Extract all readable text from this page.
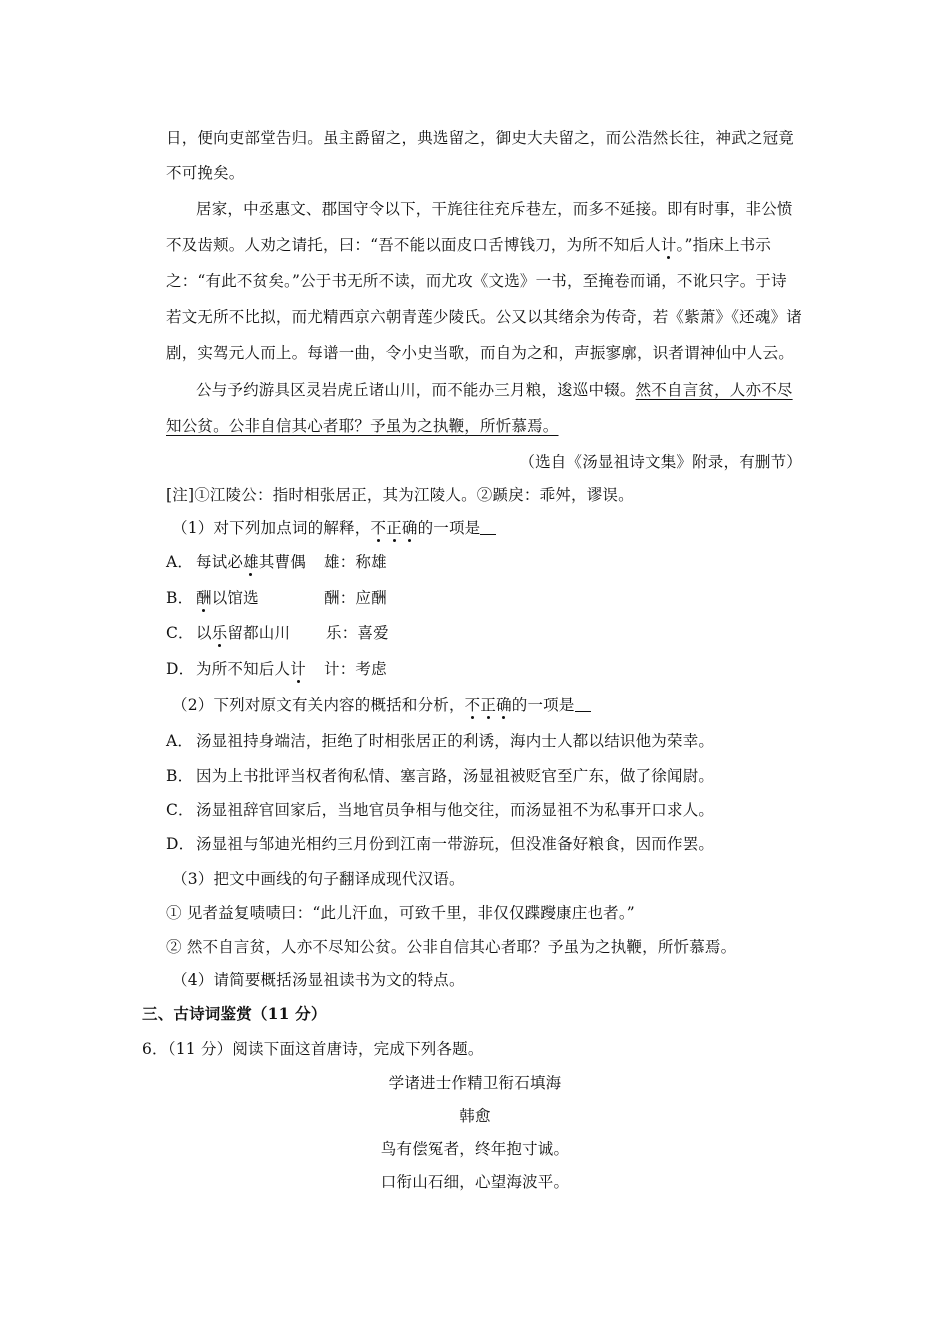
日，便向吏部堂告归。虽主爵留之，典选留之，御史大夫留之，而公浩然长往，神武之冠竟
不可挽矣。
居家，中丞惠文、郡国守令以下，干旄往往充斥巷左，而多不延接。即有时事，非公愤
不及齿颊。人劝之请托，曰：“吾不能以面皮口舌博钱刀，为所不知后人计。”指床上书示
之：“有此不贫矣。”公于书无所不读，而尤攻《文选》一书，至掩卷而诵，不讹只字。于诗
若文无所不比拟，而尤精西京六朝青莲少陵氏。公又以其绪余为传奇，若《紫萧》《还魂》诸
剧，实驾元人而上。每谱一曲，令小史当歌，而自为之和，声振寥廓，识者谓神仙中人云。
公与予约游具区灵岩虎丘诸山川，而不能办三月粮，逡巡中辍。然不自言贫，人亦不尽
知公贫。公非自信其心者耶？予虽为之执鞭，所忻慕焉。
（选自《汤显祖诗文集》附录，有删节）
[注]①江陵公：指时相张居正，其为江陵人。②踬戾：乖舛，谬误。
（1）对下列加点词的解释，不正确的一项是
A． 每试必雄其曹偶 雄：称雄
B． 酬以馆选	酬：应酬
C． 以乐留都山川 乐：喜爱
D． 为所不知后人计 计：考虑
（2）下列对原文有关内容的概括和分析，不正确的一项是
A． 汤显祖持身端洁，拒绝了时相张居正的利诱，海内士人都以结识他为荣幸。
B． 因为上书批评当权者徇私情、塞言路，汤显祖被贬官至广东，做了徐闻尉。
C． 汤显祖辞官回家后，当地官员争相与他交往，而汤显祖不为私事开口求人。
D． 汤显祖与邹迪光相约三月份到江南一带游玩，但没准备好粮食，因而作罢。
（3）把文中画线的句子翻译成现代汉语。
① 见者益复啧啧曰：“此儿汗血，可致千里，非仅仅蹀躞康庄也者。”
② 然不自言贫，人亦不尽知公贫。公非自信其心者耶？予虽为之执鞭，所忻慕焉。
（4）请简要概括汤显祖读书为文的特点。
三、古诗词鉴赏（11 分）
6．（11 分）阅读下面这首唐诗，完成下列各题。
学诸进士作精卫衔石填海
韩愈
鸟有偿冤者，终年抱寸诚。
口衔山石细，心望海波平。
